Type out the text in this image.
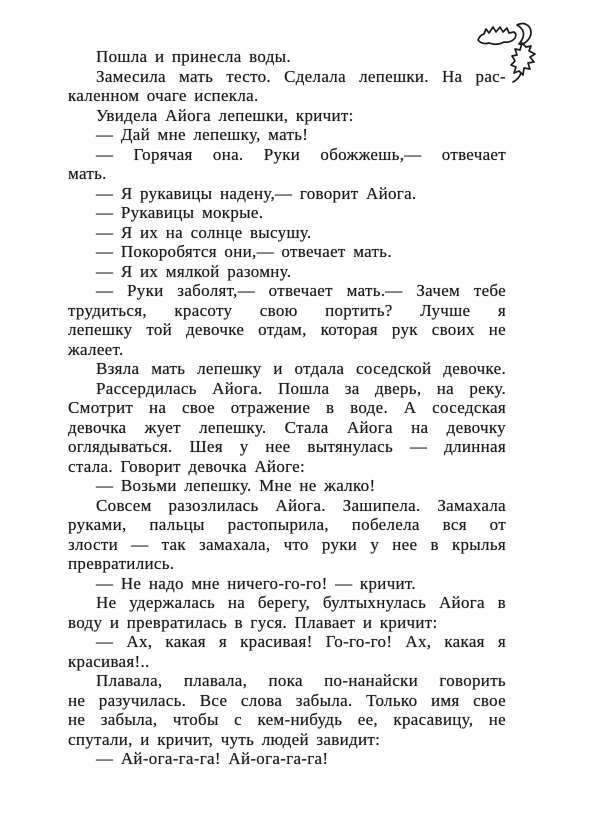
Пошла и принесла воды.
Замесила мать тесто. Сделала лепешки. На рас-
каленном очаге испекла.
Увидела Айога лепешки, кричит:
— Дай мне лепешку, мать!
— Горячая она. Руки обожжешь,— отвечает
мать.
— Я рукавицы надену,— говорит Айога.
— Рукавицы мокрые.
— Я их на солнце высушу.
— Покоробятся они,— отвечает мать.
— Я их мялкой разомну.
— Руки заболят,— отвечает мать.— Зачем тебе
трудиться, красоту свою портить? Лучше я
лепешку той девочке отдам, которая рук своих не
жалеет.
Взяла мать лепешку и отдала соседской девочке.
Рассердилась Айога. Пошла за дверь, на реку.
Смотрит на свое отражение в воде. А соседская
девочка жует лепешку. Стала Айога на девочку
оглядываться. Шея у нее вытянулась — длинная
стала. Говорит девочка Айоге:
— Возьми лепешку. Мне не жалко!
Совсем разозлилась Айога. Зашипела. Замахала
руками, пальцы растопырила, побелела вся от
злости — так замахала, что руки у нее в крылья
превратились.
— Не надо мне ничего-го-го! — кричит.
Не удержалась на берегу, бултыхнулась Айога в
воду и превратилась в гуся. Плавает и кричит:
— Ах, какая я красивая! Го-го-го! Ах, какая я
красивая!..
Плавала, плавала, пока по-нанайски говорить
не разучилась. Все слова забыла. Только имя свое
не забыла, чтобы с кем-нибудь ее, красавицу, не
спутали, и кричит, чуть людей завидит:
— Ай-ога-га-га! Ай-ога-га-га!
